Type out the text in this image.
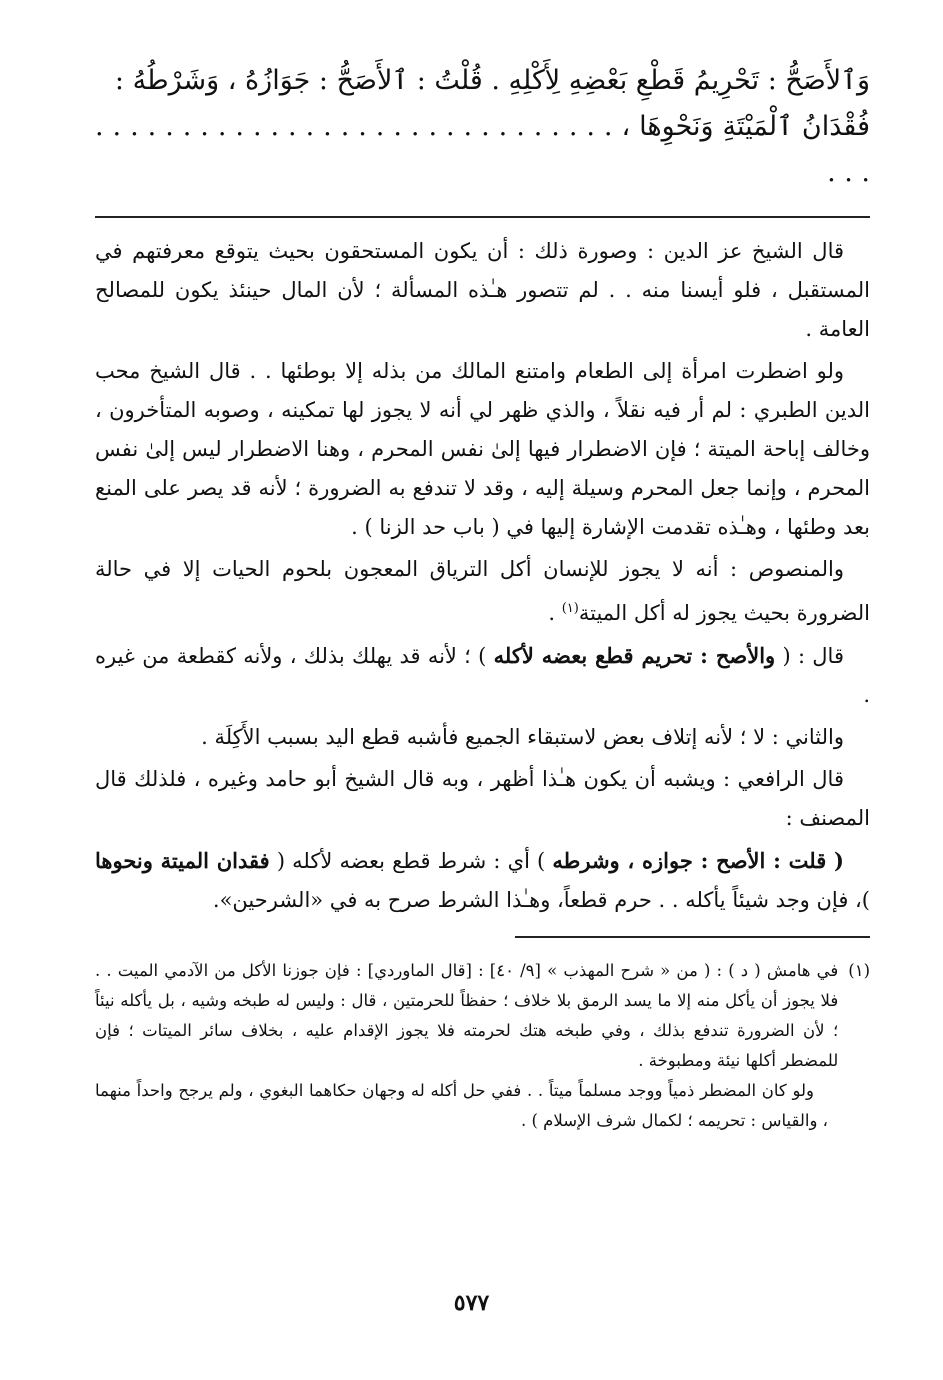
وَٱلأَصَحُّ : تَحْرِيمُ قَطْعِ بَعْضِهِ لِأَكْلِهِ . قُلْتُ : ٱلأَصَحُّ : جَوَازُهُ ، وَشَرْطُهُ :

فُقْدَانُ ٱلْمَيْتَةِ وَنَحْوِهَا ، . . . . . . . . . . . . . . . . . . . . . . . . . . . . . . . . .

قال الشيخ عز الدين : وصورة ذلك : أن يكون المستحقون بحيث يتوقع معرفتهم في المستقبل ، فلو أيسنا منه . . لم تتصور هـٰذه المسألة ؛ لأن المال حينئذ يكون للمصالح العامة .

ولو اضطرت امرأة إلى الطعام وامتنع المالك من بذله إلا بوطئها . . قال الشيخ محب الدين الطبري : لم أر فيه نقلاً ، والذي ظهر لي أنه لا يجوز لها تمكينه ، وصوبه المتأخرون ، وخالف إباحة الميتة ؛ فإن الاضطرار فيها إلىٰ نفس المحرم ، وهنا الاضطرار ليس إلىٰ نفس المحرم ، وإنما جعل المحرم وسيلة إليه ، وقد لا تندفع به الضرورة ؛ لأنه قد يصر على المنع بعد وطئها ، وهـٰذه تقدمت الإشارة إليها في ( باب حد الزنا ) .

والمنصوص : أنه لا يجوز للإنسان أكل الترياق المعجون بلحوم الحيات إلا في حالة الضرورة بحيث يجوز له أكل الميتة$^{(١)}$ .

قال : ( والأصح : تحريم قطع بعضه لأكله ) ؛ لأنه قد يهلك بذلك ، ولأنه كقطعة من غيره .

والثاني : لا ؛ لأنه إتلاف بعض لاستبقاء الجميع فأشبه قطع اليد بسبب الأَكِلَة .

قال الرافعي : ويشبه أن يكون هـٰذا أظهر ، وبه قال الشيخ أبو حامد وغيره ، فلذلك قال المصنف :

( قلت : الأصح : جوازه ، وشرطه ) أي : شرط قطع بعضه لأكله ( فقدان الميتة ونحوها )، فإن وجد شيئاً يأكله . . حرم قطعاً، وهـٰذا الشرط صرح به في «الشرحين».

(١)
في هامش ( د ) : ( من « شرح المهذب » [٩/ ٤٠] : [قال الماوردي] : فإن جوزنا الأكل من الآدمي الميت . . فلا يجوز أن يأكل منه إلا ما يسد الرمق بلا خلاف ؛ حفظاً للحرمتين ، قال : وليس له طبخه وشيه ، بل يأكله نيئاً ؛ لأن الضرورة تندفع بذلك ، وفي طبخه هتك لحرمته فلا يجوز الإقدام عليه ، بخلاف سائر الميتات ؛ فإن للمضطر أكلها نيئة ومطبوخة .

ولو كان المضطر ذمياً ووجد مسلماً ميتاً . . ففي حل أكله له وجهان حكاهما البغوي ، ولم يرجح واحداً منهما ، والقياس : تحريمه ؛ لكمال شرف الإسلام ) .

٥٧٧
